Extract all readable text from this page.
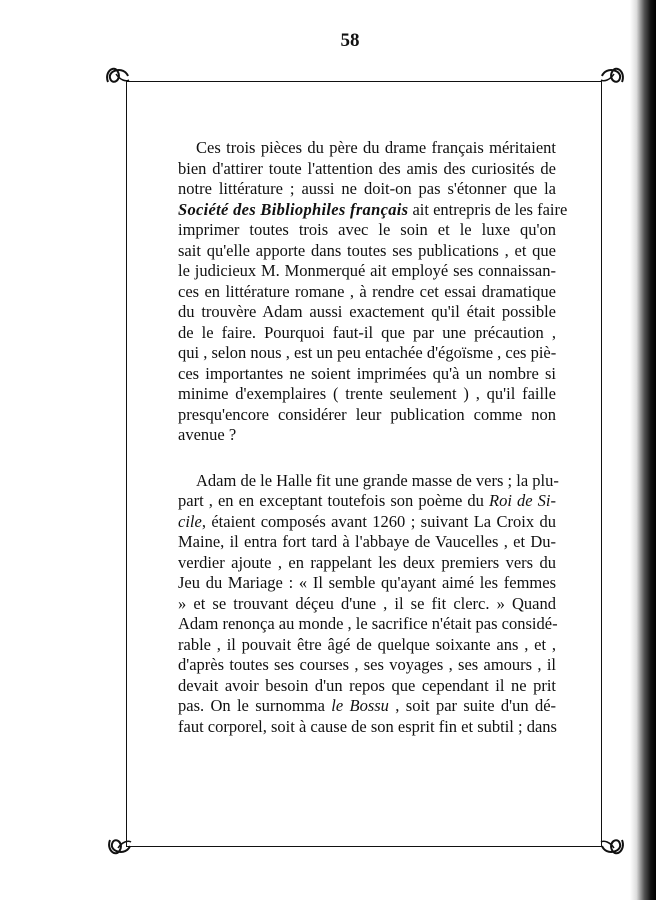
58
Ces trois pièces du père du drame français méritaient
bien d'attirer toute l'attention des amis des curiosités de
notre littérature ; aussi ne doit-on pas s'étonner que la
Société des Bibliophiles français ait entrepris de les faire
imprimer toutes trois avec le soin et le luxe qu'on
sait qu'elle apporte dans toutes ses publications , et que
le judicieux M. Monmerqué ait employé ses connaissan-
ces en littérature romane , à rendre cet essai dramatique
du trouvère Adam aussi exactement qu'il était possible
de le faire. Pourquoi faut-il que par une précaution ,
qui , selon nous , est un peu entachée d'égoïsme , ces piè-
ces importantes ne soient imprimées qu'à un nombre si
minime d'exemplaires ( trente seulement ) , qu'il faille
presqu'encore considérer leur publication comme non
avenue ?
Adam de le Halle fit une grande masse de vers ; la plu-
part , en en exceptant toutefois son poème du Roi de Si-
cile, étaient composés avant 1260 ; suivant La Croix du
Maine, il entra fort tard à l'abbaye de Vaucelles , et Du-
verdier ajoute , en rappelant les deux premiers vers du
Jeu du Mariage : « Il semble qu'ayant aimé les femmes
» et se trouvant déçeu d'une , il se fit clerc. » Quand
Adam renonça au monde , le sacrifice n'était pas considé-
rable , il pouvait être âgé de quelque soixante ans , et ,
d'après toutes ses courses , ses voyages , ses amours , il
devait avoir besoin d'un repos que cependant il ne prit
pas. On le surnomma le Bossu , soit par suite d'un dé-
faut corporel, soit à cause de son esprit fin et subtil ; dans
